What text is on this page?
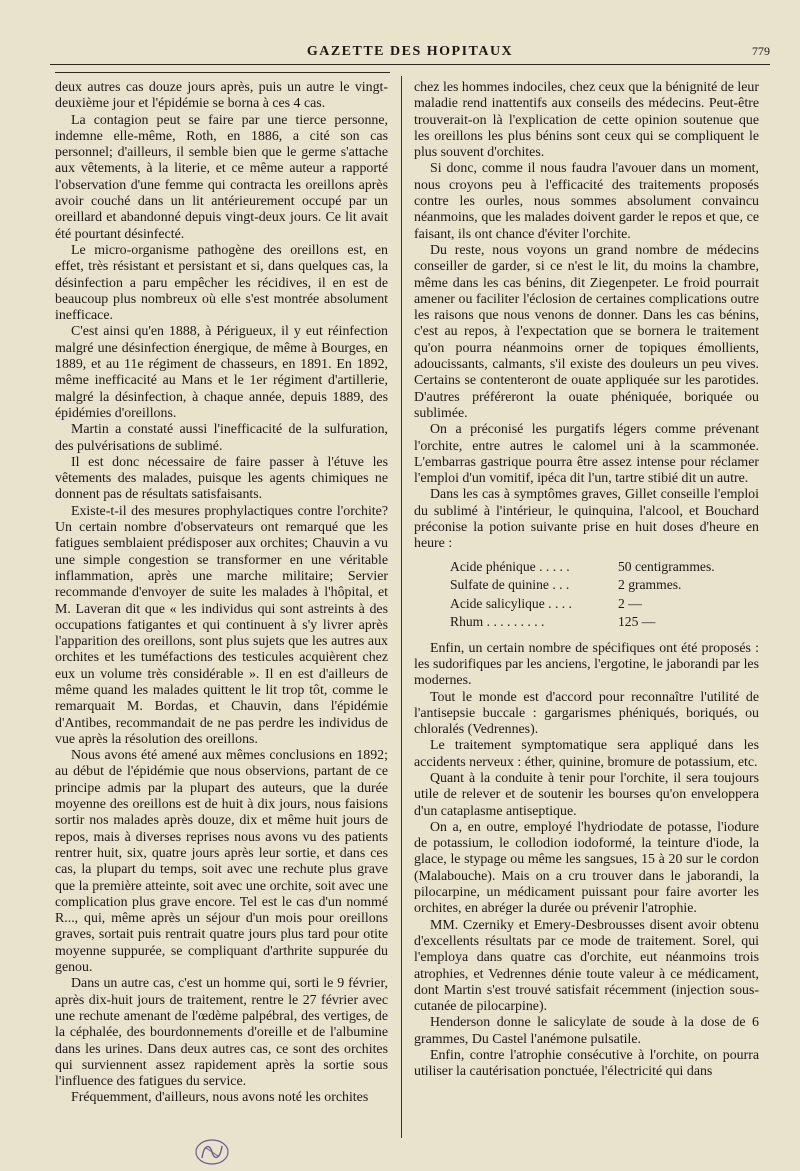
GAZETTE DES HOPITAUX	779

deux autres cas douze jours après, puis un autre le vingt-deuxième jour et l'épidémie se borna à ces 4 cas.

La contagion peut se faire par une tierce personne, indemne elle-même, Roth, en 1886, a cité son cas personnel; d'ailleurs, il semble bien que le germe s'attache aux vêtements, à la literie, et ce même auteur a rapporté l'observation d'une femme qui contracta les oreillons après avoir couché dans un lit antérieurement occupé par un oreillard et abandonné depuis vingt-deux jours. Ce lit avait été pourtant désinfecté.

Le micro-organisme pathogène des oreillons est, en effet, très résistant et persistant et si, dans quelques cas, la désinfection a paru empêcher les récidives, il en est de beaucoup plus nombreux où elle s'est montrée absolument inefficace.

C'est ainsi qu'en 1888, à Périgueux, il y eut réinfection malgré une désinfection énergique, de même à Bourges, en 1889, et au 11e régiment de chasseurs, en 1891. En 1892, même inefficacité au Mans et le 1er régiment d'artillerie, malgré la désinfection, à chaque année, depuis 1889, des épidémies d'oreillons.

Martin a constaté aussi l'inefficacité de la sulfuration, des pulvérisations de sublimé.

Il est donc nécessaire de faire passer à l'étuve les vêtements des malades, puisque les agents chimiques ne donnent pas de résultats satisfaisants.

Existe-t-il des mesures prophylactiques contre l'orchite? Un certain nombre d'observateurs ont remarqué que les fatigues semblaient prédisposer aux orchites; Chauvin a vu une simple congestion se transformer en une véritable inflammation, après une marche militaire; Servier recommande d'envoyer de suite les malades à l'hôpital, et M. Laveran dit que « les individus qui sont astreints à des occupations fatigantes et qui continuent à s'y livrer après l'apparition des oreillons, sont plus sujets que les autres aux orchites et les tuméfactions des testicules acquièrent chez eux un volume très considérable ». Il en est d'ailleurs de même quand les malades quittent le lit trop tôt, comme le remarquait M. Bordas, et Chauvin, dans l'épidémie d'Antibes, recommandait de ne pas perdre les individus de vue après la résolution des oreillons.

Nous avons été amené aux mêmes conclusions en 1892; au début de l'épidémie que nous observions, partant de ce principe admis par la plupart des auteurs, que la durée moyenne des oreillons est de huit à dix jours, nous faisions sortir nos malades après douze, dix et même huit jours de repos, mais à diverses reprises nous avons vu des patients rentrer huit, six, quatre jours après leur sortie, et dans ces cas, la plupart du temps, soit avec une rechute plus grave que la première atteinte, soit avec une orchite, soit avec une complication plus grave encore. Tel est le cas d'un nommé R..., qui, même après un séjour d'un mois pour oreillons graves, sortait puis rentrait quatre jours plus tard pour otite moyenne suppurée, se compliquant d'arthrite suppurée du genou.

Dans un autre cas, c'est un homme qui, sorti le 9 février, après dix-huit jours de traitement, rentre le 27 février avec une rechute amenant de l'œdème palpébral, des vertiges, de la céphalée, des bourdonnements d'oreille et de l'albumine dans les urines. Dans deux autres cas, ce sont des orchites qui surviennent assez rapidement après la sortie sous l'influence des fatigues du service.

Fréquemment, d'ailleurs, nous avons noté les orchites

chez les hommes indociles, chez ceux que la bénignité de leur maladie rend inattentifs aux conseils des médecins. Peut-être trouverait-on là l'explication de cette opinion soutenue que les oreillons les plus bénins sont ceux qui se compliquent le plus souvent d'orchites.

Si donc, comme il nous faudra l'avouer dans un moment, nous croyons peu à l'efficacité des traitements proposés contre les ourles, nous sommes absolument convaincu néanmoins, que les malades doivent garder le repos et que, ce faisant, ils ont chance d'éviter l'orchite.

Du reste, nous voyons un grand nombre de médecins conseiller de garder, si ce n'est le lit, du moins la chambre, même dans les cas bénins, dit Ziegenpeter. Le froid pourrait amener ou faciliter l'éclosion de certaines complications outre les raisons que nous venons de donner. Dans les cas bénins, c'est au repos, à l'expectation que se bornera le traitement qu'on pourra néanmoins orner de topiques émollients, adoucissants, calmants, s'il existe des douleurs un peu vives. Certains se contenteront de ouate appliquée sur les parotides. D'autres préféreront la ouate phéniquée, boriquée ou sublimée.

On a préconisé les purgatifs légers comme prévenant l'orchite, entre autres le calomel uni à la scammonée. L'embarras gastrique pourra être assez intense pour réclamer l'emploi d'un vomitif, ipéca dit l'un, tartre stibié dit un autre.

Dans les cas à symptômes graves, Gillet conseille l'emploi du sublimé à l'intérieur, le quinquina, l'alcool, et Bouchard préconise la potion suivante prise en huit doses d'heure en heure :

Acide phénique . . . . .	50 centigrammes.
Sulfate de quinine . . .	2 grammes.
Acide salicylique . . . .	2 —
Rhum . . . . . . . . .	125 —

Enfin, un certain nombre de spécifiques ont été proposés : les sudorifiques par les anciens, l'ergotine, le jaborandi par les modernes.

Tout le monde est d'accord pour reconnaître l'utilité de l'antisepsie buccale : gargarismes phéniqués, boriqués, ou chloralés (Vedrennes).

Le traitement symptomatique sera appliqué dans les accidents nerveux : éther, quinine, bromure de potassium, etc.

Quant à la conduite à tenir pour l'orchite, il sera toujours utile de relever et de soutenir les bourses qu'on enveloppera d'un cataplasme antiseptique.

On a, en outre, employé l'hydriodate de potasse, l'iodure de potassium, le collodion iodoformé, la teinture d'iode, la glace, le stypage ou même les sangsues, 15 à 20 sur le cordon (Malabouche). Mais on a cru trouver dans le jaborandi, la pilocarpine, un médicament puissant pour faire avorter les orchites, en abréger la durée ou prévenir l'atrophie.

MM. Czerniky et Emery-Desbrousses disent avoir obtenu d'excellents résultats par ce mode de traitement. Sorel, qui l'employa dans quatre cas d'orchite, eut néanmoins trois atrophies, et Vedrennes dénie toute valeur à ce médicament, dont Martin s'est trouvé satisfait récemment (injection sous-cutanée de pilocarpine).

Henderson donne le salicylate de soude à la dose de 6 grammes, Du Castel l'anémone pulsatile.

Enfin, contre l'atrophie consécutive à l'orchite, on pourra utiliser la cautérisation ponctuée, l'électricité qui dans
